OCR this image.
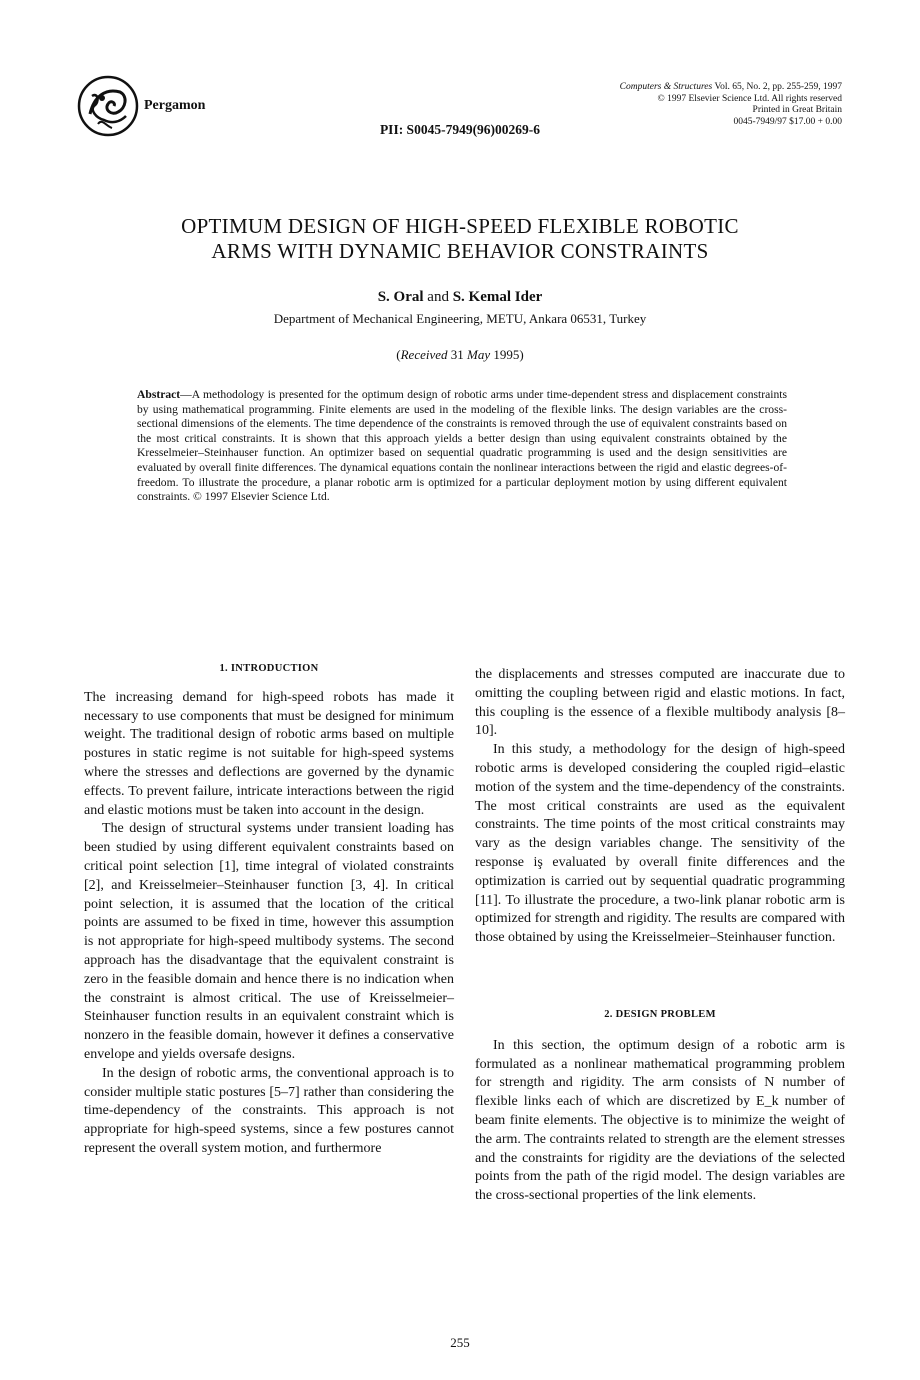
Pergamon
PII: S0045-7949(96)00269-6
Computers & Structures Vol. 65, No. 2, pp. 255-259, 1997
© 1997 Elsevier Science Ltd. All rights reserved
Printed in Great Britain
0045-7949/97 $17.00 + 0.00
OPTIMUM DESIGN OF HIGH-SPEED FLEXIBLE ROBOTIC
ARMS WITH DYNAMIC BEHAVIOR CONSTRAINTS
S. Oral and S. Kemal Ider
Department of Mechanical Engineering, METU, Ankara 06531, Turkey
(Received 31 May 1995)
Abstract—A methodology is presented for the optimum design of robotic arms under time-dependent stress and displacement constraints by using mathematical programming. Finite elements are used in the modeling of the flexible links. The design variables are the cross-sectional dimensions of the elements. The time dependence of the constraints is removed through the use of equivalent constraints based on the most critical constraints. It is shown that this approach yields a better design than using equivalent constraints obtained by the Kresselmeier–Steinhauser function. An optimizer based on sequential quadratic programming is used and the design sensitivities are evaluated by overall finite differences. The dynamical equations contain the nonlinear interactions between the rigid and elastic degrees-of-freedom. To illustrate the procedure, a planar robotic arm is optimized for a particular deployment motion by using different equivalent constraints. © 1997 Elsevier Science Ltd.
1. INTRODUCTION

The increasing demand for high-speed robots has made it necessary to use components that must be designed for minimum weight. The traditional design of robotic arms based on multiple postures in static regime is not suitable for high-speed systems where the stresses and deflections are governed by the dynamic effects. To prevent failure, intricate interactions between the rigid and elastic motions must be taken into account in the design.

The design of structural systems under transient loading has been studied by using different equivalent constraints based on critical point selection [1], time integral of violated constraints [2], and Kreisselmeier–Steinhauser function [3, 4]. In critical point selection, it is assumed that the location of the critical points are assumed to be fixed in time, however this assumption is not appropriate for high-speed multibody systems. The second approach has the disadvantage that the equivalent constraint is zero in the feasible domain and hence there is no indication when the constraint is almost critical. The use of Kreisselmeier–Steinhauser function results in an equivalent constraint which is nonzero in the feasible domain, however it defines a conservative envelope and yields oversafe designs.

In the design of robotic arms, the conventional approach is to consider multiple static postures [5–7] rather than considering the time-dependency of the constraints. This approach is not appropriate for high-speed systems, since a few postures cannot represent the overall system motion, and furthermore

the displacements and stresses computed are inaccurate due to omitting the coupling between rigid and elastic motions. In fact, this coupling is the essence of a flexible multibody analysis [8–10].

In this study, a methodology for the design of high-speed robotic arms is developed considering the coupled rigid–elastic motion of the system and the time-dependency of the constraints. The most critical constraints are used as the equivalent constraints. The time points of the most critical constraints may vary as the design variables change. The sensitivity of the response iş evaluated by overall finite differences and the optimization is carried out by sequential quadratic programming [11]. To illustrate the procedure, a two-link planar robotic arm is optimized for strength and rigidity. The results are compared with those obtained by using the Kreisselmeier–Steinhauser function.

2. DESIGN PROBLEM

In this section, the optimum design of a robotic arm is formulated as a nonlinear mathematical programming problem for strength and rigidity. The arm consists of N number of flexible links each of which are discretized by E_k number of beam finite elements. The objective is to minimize the weight of the arm. The contraints related to strength are the element stresses and the constraints for rigidity are the deviations of the selected points from the path of the rigid model. The design variables are the cross-sectional properties of the link elements.

255
